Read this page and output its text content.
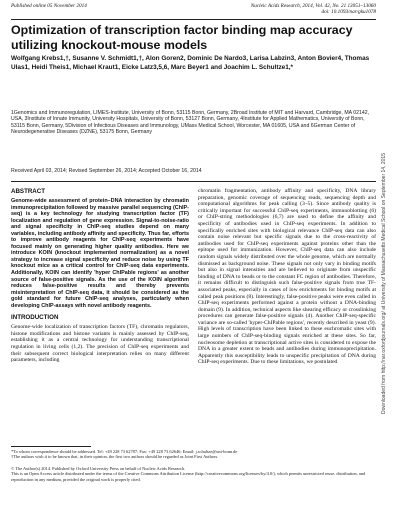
Published online 05 November 2014	Nucleic Acids Research, 2014, Vol. 42, No. 21 13051–13060
doi: 10.1093/nar/gku1078
Optimization of transcription factor binding map accuracy utilizing knockout-mouse models
Wolfgang Krebs1,†, Susanne V. Schmidt1,†, Alon Goren2, Dominic De Nardo3, Larisa Labzin3, Anton Bovier4, Thomas Ulas1, Heidi Theis1, Michael Kraut1, Eicke Latz3,5,6, Marc Beyer1 and Joachim L. Schultze1,*
1Genomics and Immunoregulation, LIMES-Institute, University of Bonn, 53115 Bonn, Germany, 2Broad Institute of MIT and Harvard, Cambridge, MA 02142, USA, 3Institute of Innate Immunity, University Hospitals, University of Bonn, 53127 Bonn, Germany, 4Institute for Applied Mathematics, University of Bonn, 53115 Bonn, Germany, 5Division of Infectious Diseases and Immunology, UMass Medical School, Worcester, MA 01605, USA and 6German Center of Neurodegenerative Diseases (DZNE), 53175 Bonn, Germany
Received April 03, 2014; Revised September 26, 2014; Accepted October 16, 2014	Downloaded from http://nar.oxfordjournals.org/ at University of Massachusetts Medical School on September 14, 2015
ABSTRACT

Genome-wide assessment of protein–DNA interaction by chromatin immunoprecipitation followed by massive parallel sequencing (ChIP-seq) is a key technology for studying transcription factor (TF) localization and regulation of gene expression. Signal-to-noise-ratio and signal specificity in ChIP-seq studies depend on many variables, including antibody affinity and specificity. Thus far, efforts to improve antibody reagents for ChIP-seq experiments have focused mainly on generating higher quality antibodies. Here we introduce KOIN (knockout implemented normalization) as a novel strategy to increase signal specificity and reduce noise by using TF knockout mice as a critical control for ChIP-seq data experiments. Additionally, KOIN can identify 'hyper ChIPable regions' as another source of false-positive signals. As the use of the KOIN algorithm reduces false-positive results and thereby prevents misinterpretation of ChIP-seq data, it should be considered as the gold standard for future ChIP-seq analyses, particularly when developing ChIP-assays with novel antibody reagents.

INTRODUCTION

Genome-wide localization of transcription factors (TF), chromatin regulators, histone modifications and histone variants is mainly assessed by ChIP-seq, establishing it as a central technology for understanding transcriptional regulation in living cells (1,2). The precision of ChIP-seq experiments and their subsequent correct biological interpretation relies on many different parameters, including

chromatin fragmentation, antibody affinity and specificity, DNA library preparation, genomic coverage of sequencing reads, sequencing depth and computational algorithms for peak calling (3–5). Since antibody quality is critically important for successful ChIP-seq experiments, immunoblotting (6) or ChIP-string methodologies (6,7) are used to define the affinity and specificity of antibodies used in ChIP-seq experiments. In addition to specifically enriched sites with biological relevance ChIP-seq data can also contain noise relevant but specific signals due to the cross-reactivity of antibodies used for ChIP-seq experiments against proteins other than the epitope used for immunization. However, ChIP-seq data can also include random signals widely distributed over the whole genome, which are normally dismissed as background noise. These signals not only vary in binding motifs but also in signal intensities and are believed to originate from unspecific binding of DNA to beads or to the constant FC region of antibodies. Therefore, it remains difficult to distinguish such false-positive signals from true TF-associated peaks, especially in cases of low enrichments for binding motifs at called peak positions (8). Interestingly, false-positive peaks were even called in ChIP-seq experiments performed against a protein without a DNA-binding domain (9). In addition, technical aspects like shearing efficacy or crosslinking procedures can generate false-positive signals (4). Another ChIP-seq-specific variance are so-called 'hyper-ChIPable regions', recently described in yeast (9). High levels of transcription have been linked to these euchromatic sites with large numbers of ChIP-seq-binding signals enriched at these sites. So far, nucleosome depletion at transcriptional active sites is considered to expose the DNA in a greater extent to beads and antibodies during immunoprecipitation. Apparently this susceptibility leads to unspecific precipitation of DNA during ChIP-seq experiments. Due to these limitations, we postulated

*To whom correspondence should be addressed. Tel: +49 228 73 62787; Fax: +49 228 73 62646; Email: j.schultze@uni-bonn.de
†The authors wish it to be known that, in their opinion, the first two authors should be regarded as Joint First Authors.
© The Author(s) 2014. Published by Oxford University Press on behalf of Nucleic Acids Research.
This is an Open Access article distributed under the terms of the Creative Commons Attribution License (http://creativecommons.org/licenses/by/4.0/), which permits unrestricted reuse, distribution, and reproduction in any medium, provided the original work is properly cited.
